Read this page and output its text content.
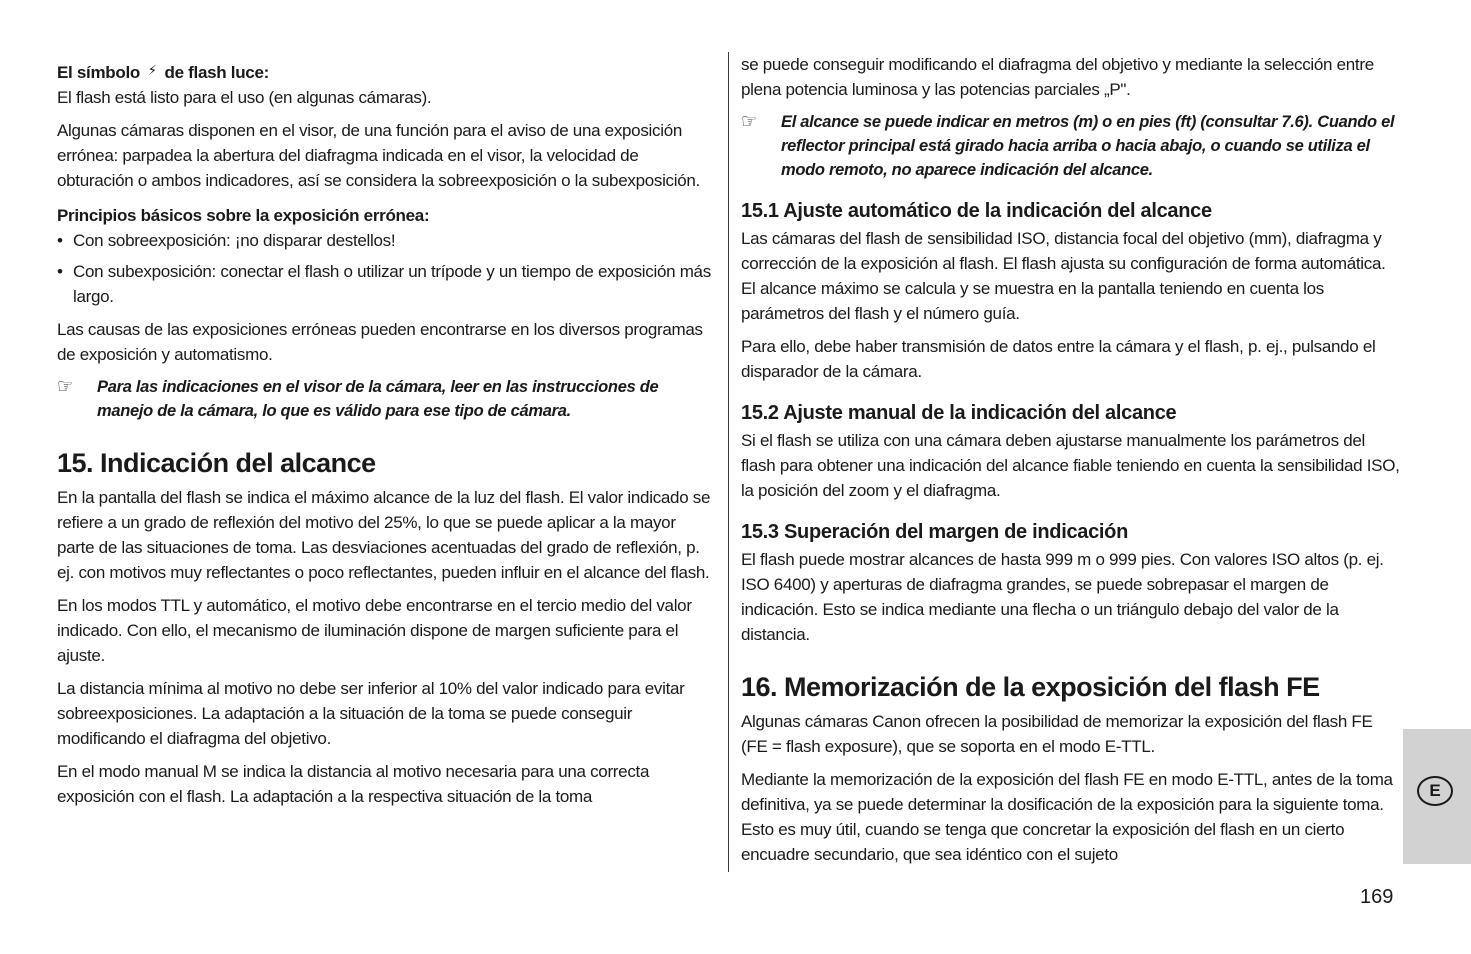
El símbolo ⚡ de flash luce:

El flash está listo para el uso (en algunas cámaras).

Algunas cámaras disponen en el visor, de una función para el aviso de una exposición errónea: parpadea la abertura del diafragma indicada en el visor, la velocidad de obturación o ambos indicadores, así se considera la sobreexposición o la subexposición.

Principios básicos sobre la exposición errónea:
• Con sobreexposición: ¡no disparar destellos!
• Con subexposición: conectar el flash o utilizar un trípode y un tiempo de exposición más largo.

Las causas de las exposiciones erróneas pueden encontrarse en los diversos programas de exposición y automatismo.

☞	Para las indicaciones en el visor de la cámara, leer en las instrucciones de manejo de la cámara, lo que es válido para ese tipo de cámara.
15. Indicación del alcance

En la pantalla del flash se indica el máximo alcance de la luz del flash. El valor indicado se refiere a un grado de reflexión del motivo del 25%, lo que se puede aplicar a la mayor parte de las situaciones de toma. Las desviaciones acentuadas del grado de reflexión, p. ej. con motivos muy reflectantes o poco reflectantes, pueden influir en el alcance del flash.

En los modos TTL y automático, el motivo debe encontrarse en el tercio medio del valor indicado. Con ello, el mecanismo de iluminación dispone de margen suficiente para el ajuste.

La distancia mínima al motivo no debe ser inferior al 10% del valor indicado para evitar sobreexposiciones. La adaptación a la situación de la toma se puede conseguir modificando el diafragma del objetivo.

En el modo manual M se indica la distancia al motivo necesaria para una correcta exposición con el flash. La adaptación a la respectiva situación de la toma

se puede conseguir modificando el diafragma del objetivo y mediante la selección entre plena potencia luminosa y las potencias parciales „P".

☞	El alcance se puede indicar en metros (m) o en pies (ft) (consultar 7.6). Cuando el reflector principal está girado hacia arriba o hacia abajo, o cuando se utiliza el modo remoto, no aparece indicación del alcance.
15.1 Ajuste automático de la indicación del alcance

Las cámaras del flash de sensibilidad ISO, distancia focal del objetivo (mm), diafragma y corrección de la exposición al flash. El flash ajusta su configuración de forma automática. El alcance máximo se calcula y se muestra en la pantalla teniendo en cuenta los parámetros del flash y el número guía.

Para ello, debe haber transmisión de datos entre la cámara y el flash, p. ej., pulsando el disparador de la cámara.

15.2 Ajuste manual de la indicación del alcance

Si el flash se utiliza con una cámara deben ajustarse manualmente los parámetros del flash para obtener una indicación del alcance fiable teniendo en cuenta la sensibilidad ISO, la posición del zoom y el diafragma.

15.3 Superación del margen de indicación

El flash puede mostrar alcances de hasta 999 m o 999 pies. Con valores ISO altos (p. ej. ISO 6400) y aperturas de diafragma grandes, se puede sobrepasar el margen de indicación. Esto se indica mediante una flecha o un triángulo debajo del valor de la distancia.

16. Memorización de la exposición del flash FE

Algunas cámaras Canon ofrecen la posibilidad de memorizar la exposición del flash FE (FE = flash exposure), que se soporta en el modo E-TTL.

Mediante la memorización de la exposición del flash FE en modo E-TTL, antes de la toma definitiva, ya se puede determinar la dosificación de la exposición para la siguiente toma. Esto es muy útil, cuando se tenga que concretar la exposición del flash en un cierto encuadre secundario, que sea idéntico con el sujeto

E
169
